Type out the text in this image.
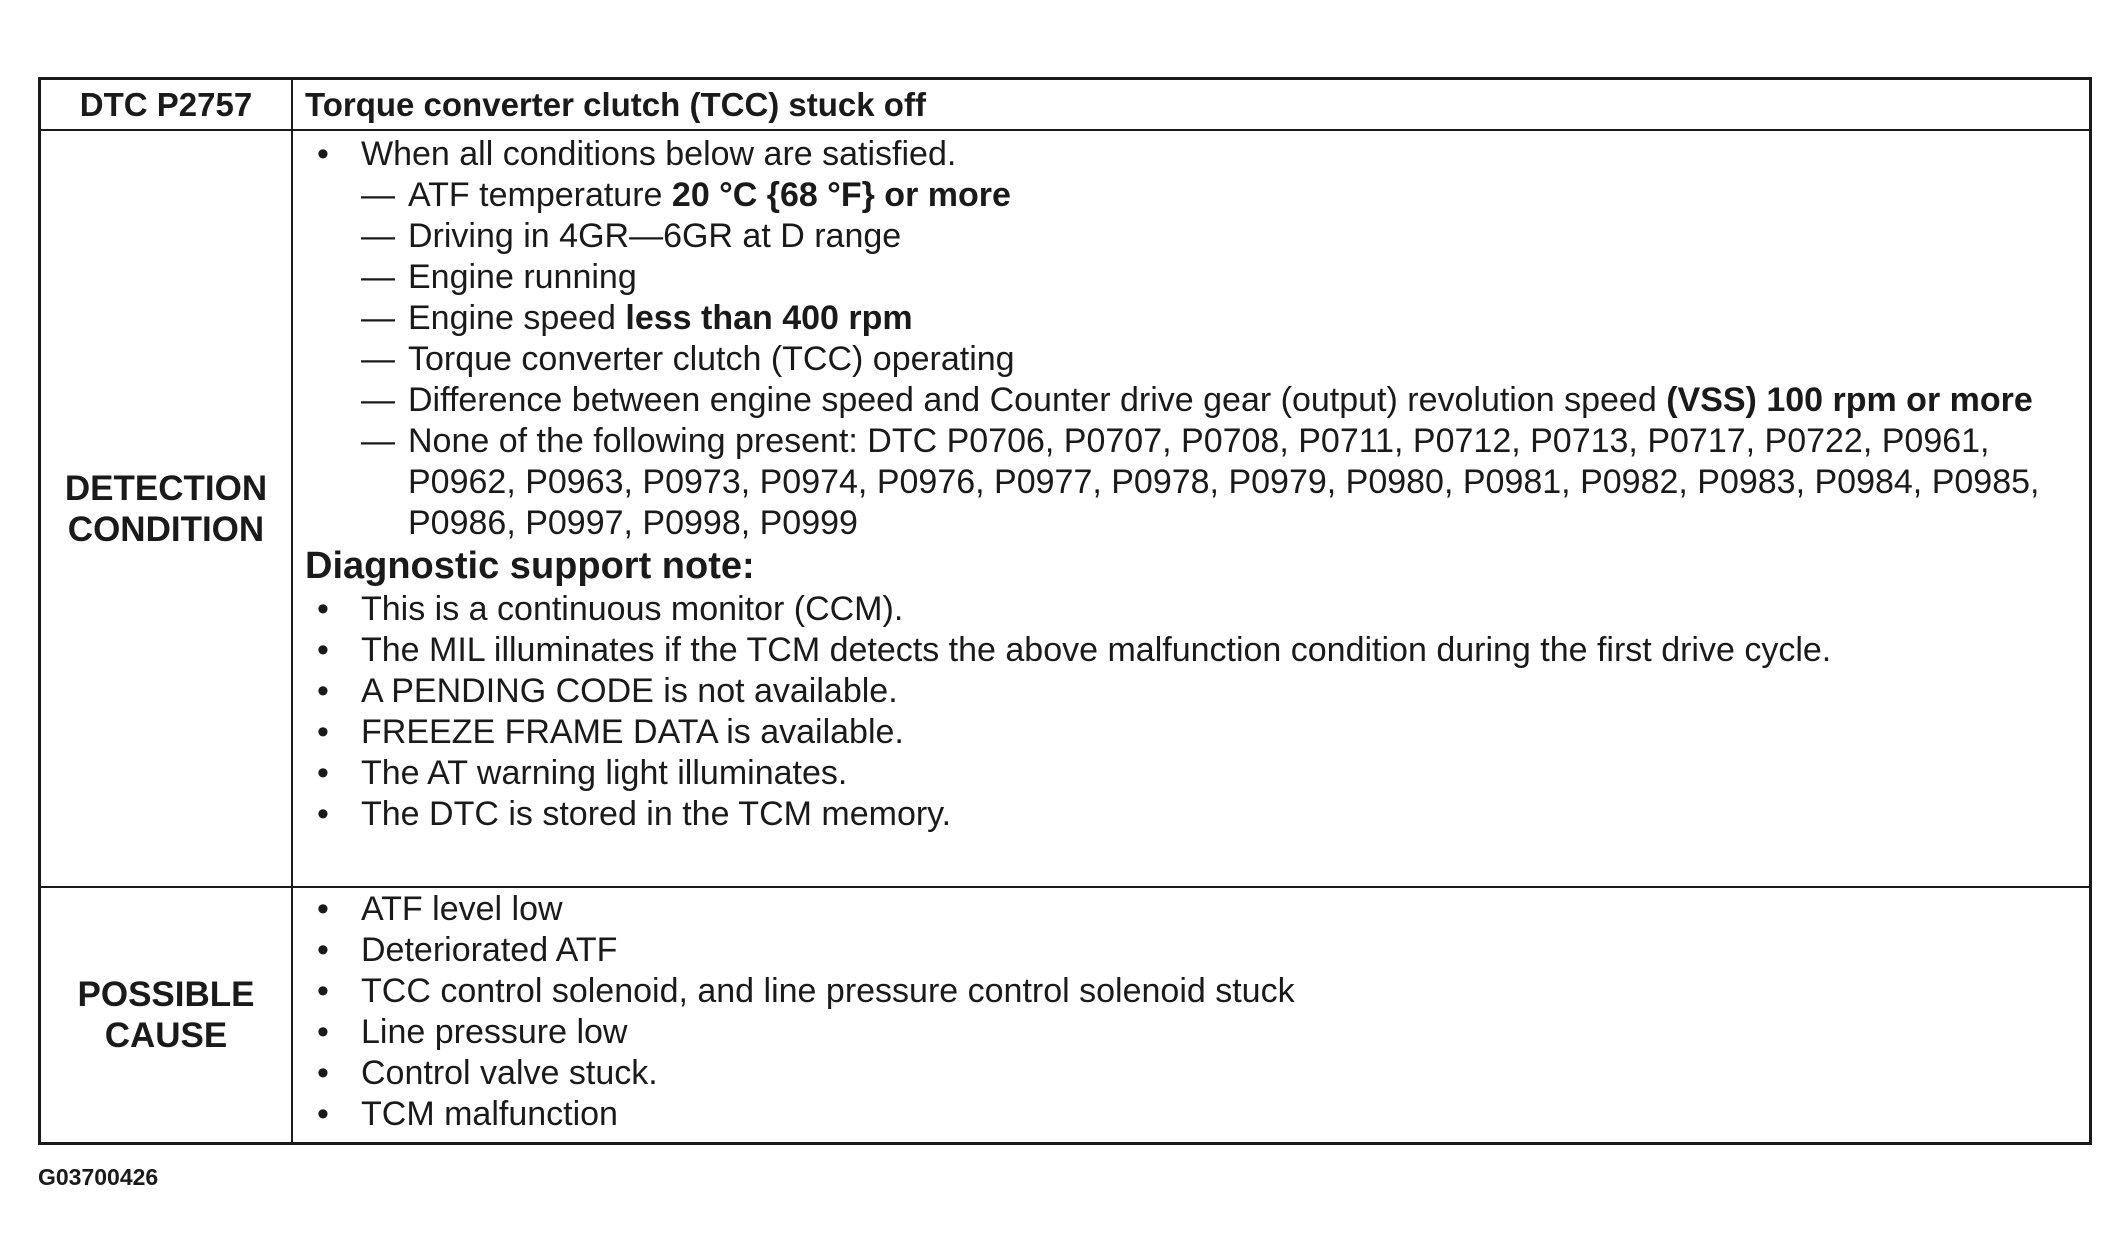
DTC P2757	Torque converter clutch (TCC) stuck off
DETECTION
CONDITION
• When all conditions below are satisfied.
— ATF temperature 20 °C {68 °F} or more
— Driving in 4GR—6GR at D range
— Engine running
— Engine speed less than 400 rpm
— Torque converter clutch (TCC) operating
— Difference between engine speed and Counter drive gear (output) revolution speed (VSS) 100 rpm or more
— None of the following present: DTC P0706, P0707, P0708, P0711, P0712, P0713, P0717, P0722, P0961, P0962, P0963, P0973, P0974, P0976, P0977, P0978, P0979, P0980, P0981, P0982, P0983, P0984, P0985, P0986, P0997, P0998, P0999
Diagnostic support note:
• This is a continuous monitor (CCM).
• The MIL illuminates if the TCM detects the above malfunction condition during the first drive cycle.
• A PENDING CODE is not available.
• FREEZE FRAME DATA is available.
• The AT warning light illuminates.
• The DTC is stored in the TCM memory.
POSSIBLE
CAUSE
• ATF level low
• Deteriorated ATF
• TCC control solenoid, and line pressure control solenoid stuck
• Line pressure low
• Control valve stuck.
• TCM malfunction
G03700426
